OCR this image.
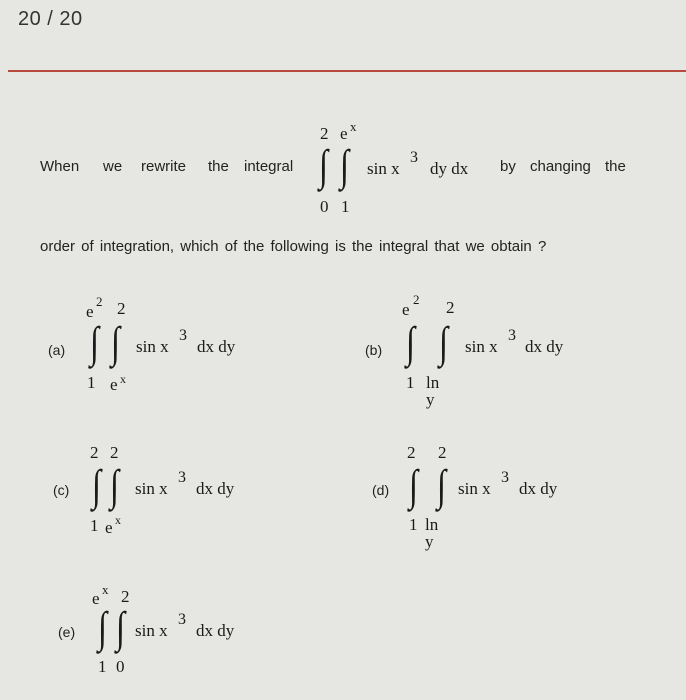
20 / 20
When we rewrite the integral
2 e x
∫ ∫
0 1
sin x
3
dy dx by changing the
order of integration, which of the following is the integral that we obtain ?
(a)
e
2 2
∫ ∫
1 e x
sin x
3
dx dy	(b)
e
2 2
∫ ∫
1 ln y
sin x
3
dx dy
(c)
2 2
∫ ∫
1 e x
sin x
3
dx dy	(d)
2 2
∫ ∫
1 ln y
sin x
3
dx dy
(e)
e x 2
∫ ∫
1 0
sin x
3
dx dy
